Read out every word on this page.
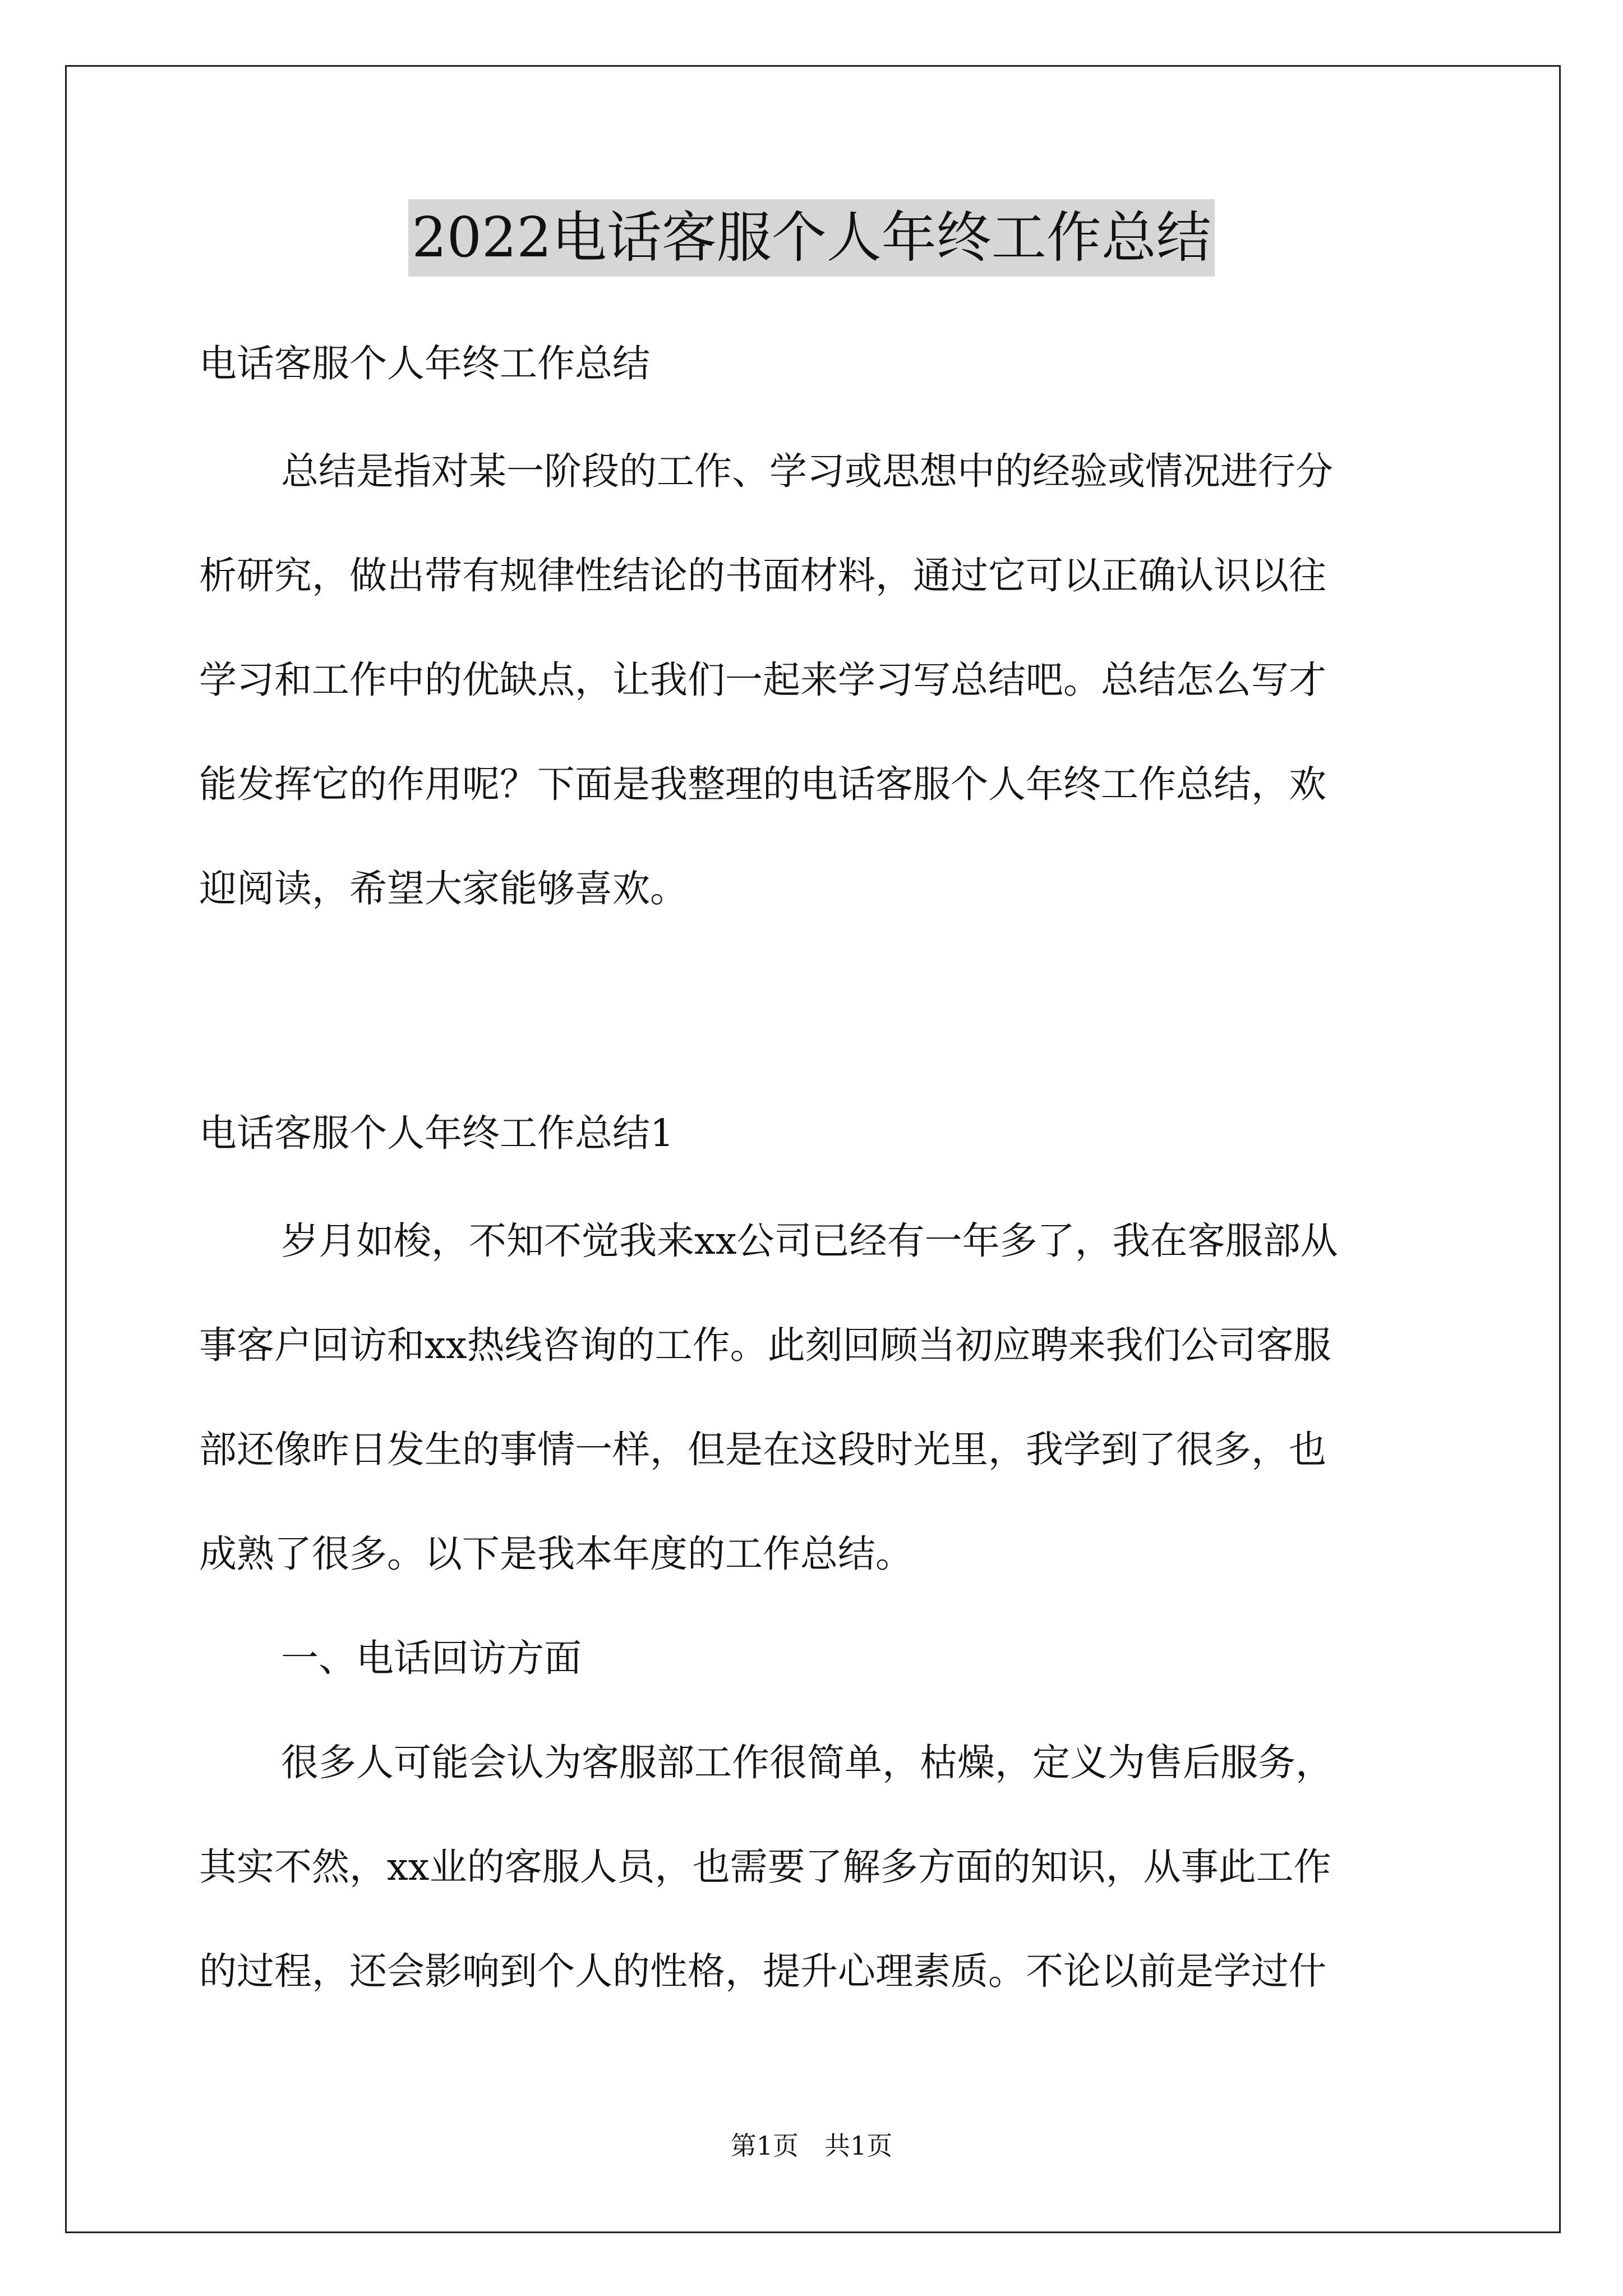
2022电话客服个人年终工作总结
电话客服个人年终工作总结
总结是指对某一阶段的工作、学习或思想中的经验或情况进行分
析研究，做出带有规律性结论的书面材料，通过它可以正确认识以往
学习和工作中的优缺点，让我们一起来学习写总结吧。总结怎么写才
能发挥它的作用呢？下面是我整理的电话客服个人年终工作总结，欢
迎阅读，希望大家能够喜欢。
电话客服个人年终工作总结1
岁月如梭，不知不觉我来xx公司已经有一年多了，我在客服部从
事客户回访和xx热线咨询的工作。此刻回顾当初应聘来我们公司客服
部还像昨日发生的事情一样，但是在这段时光里，我学到了很多，也
成熟了很多。以下是我本年度的工作总结。
一、电话回访方面
很多人可能会认为客服部工作很简单，枯燥，定义为售后服务，
其实不然，xx业的客服人员，也需要了解多方面的知识，从事此工作
的过程，还会影响到个人的性格，提升心理素质。不论以前是学过什
第1页　共1页
